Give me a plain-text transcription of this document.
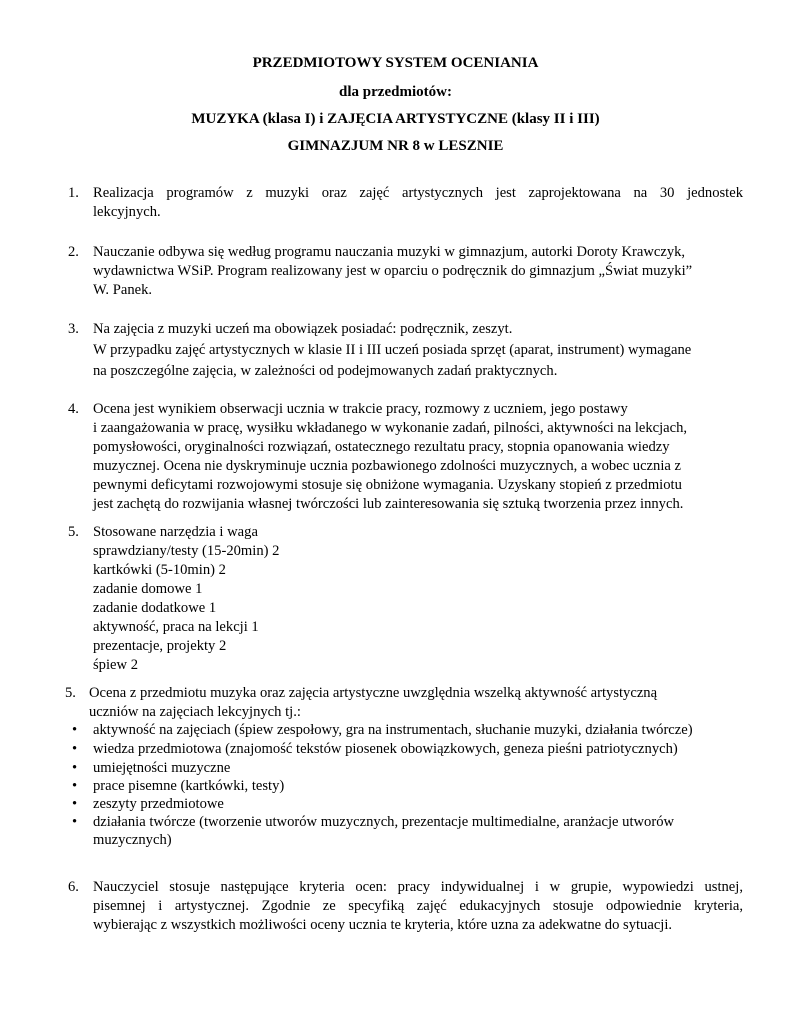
PRZEDMIOTOWY SYSTEM OCENIANIA
dla przedmiotów:
MUZYKA (klasa I) i ZAJĘCIA ARTYSTYCZNE (klasy II i III)
GIMNAZJUM NR 8 w LESZNIE
1. Realizacja programów z muzyki oraz zajęć artystycznych jest zaprojektowana na 30 jednostek
lekcyjnych.
2. Nauczanie odbywa się według programu nauczania muzyki w gimnazjum, autorki Doroty Krawczyk,
wydawnictwa WSiP. Program realizowany jest w oparciu o podręcznik do gimnazjum „Świat muzyki”
W. Panek.
3. Na zajęcia z muzyki uczeń ma obowiązek posiadać: podręcznik, zeszyt.
W przypadku zajęć artystycznych w klasie II i III uczeń posiada sprzęt (aparat, instrument) wymagane
na poszczególne zajęcia, w zależności od podejmowanych zadań praktycznych.
4. Ocena jest wynikiem obserwacji ucznia w trakcie pracy, rozmowy z uczniem, jego postawy
i zaangażowania w pracę, wysiłku wkładanego w wykonanie zadań, pilności, aktywności na lekcjach,
pomysłowości, oryginalności rozwiązań, ostatecznego rezultatu pracy, stopnia opanowania wiedzy
muzycznej. Ocena nie dyskryminuje ucznia pozbawionego zdolności muzycznych, a wobec ucznia z
pewnymi deficytami rozwojowymi stosuje się obniżone wymagania. Uzyskany stopień z przedmiotu
jest zachętą do rozwijania własnej twórczości lub zainteresowania się sztuką tworzenia przez innych.
5. Stosowane narzędzia i waga
sprawdziany/testy (15-20min) 2
kartkówki (5-10min) 2
zadanie domowe 1
zadanie dodatkowe 1
aktywność, praca na lekcji 1
prezentacje, projekty 2
śpiew 2
5. Ocena z przedmiotu muzyka oraz zajęcia artystyczne uwzględnia wszelką aktywność artystyczną
uczniów na zajęciach lekcyjnych tj.:
• aktywność na zajęciach (śpiew zespołowy, gra na instrumentach, słuchanie muzyki, działania twórcze)
• wiedza przedmiotowa (znajomość tekstów piosenek obowiązkowych, geneza pieśni patriotycznych)
• umiejętności muzyczne
• prace pisemne (kartkówki, testy)
• zeszyty przedmiotowe
• działania twórcze (tworzenie utworów muzycznych, prezentacje multimedialne, aranżacje utworów
muzycznych)
6. Nauczyciel stosuje następujące kryteria ocen: pracy indywidualnej i w grupie, wypowiedzi ustnej,
pisemnej i artystycznej. Zgodnie ze specyfiką zajęć edukacyjnych stosuje odpowiednie kryteria,
wybierając z wszystkich możliwości oceny ucznia te kryteria, które uzna za adekwatne do sytuacji.
